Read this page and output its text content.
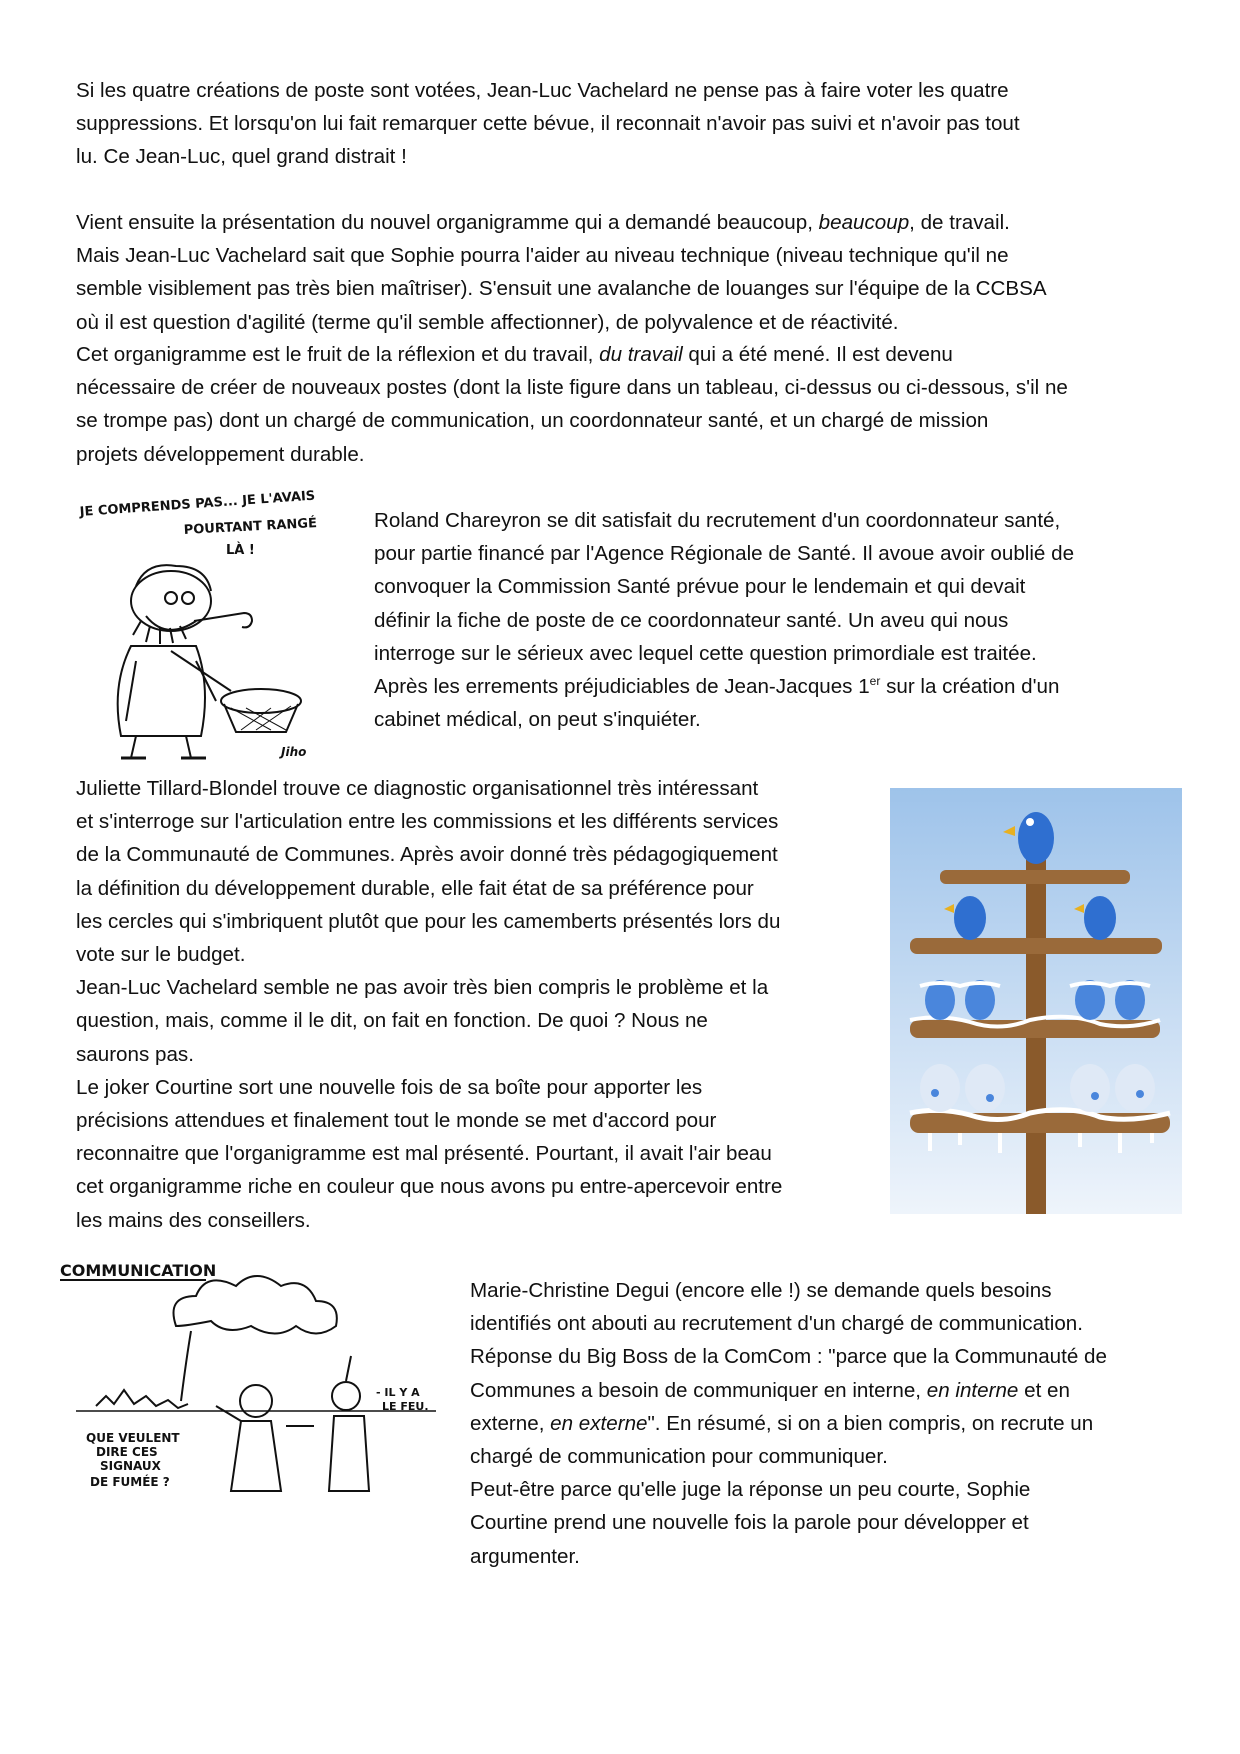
Si les quatre créations de poste sont votées, Jean-Luc Vachelard ne pense pas à faire voter les quatre
suppressions. Et lorsqu'on lui fait remarquer cette bévue, il reconnait n'avoir pas suivi et n'avoir pas tout
lu. Ce Jean-Luc, quel grand distrait !
Vient ensuite la présentation du nouvel organigramme qui a demandé beaucoup, beaucoup, de travail.
Mais Jean-Luc Vachelard sait que Sophie pourra l'aider au niveau technique (niveau technique qu'il ne
semble visiblement pas très bien maîtriser). S'ensuit une avalanche de louanges sur l'équipe de la CCBSA
où il est question d'agilité (terme qu'il semble affectionner), de polyvalence et de réactivité.
Cet organigramme est le fruit de la réflexion et du travail, du travail qui a été mené. Il est devenu
nécessaire de créer de nouveaux postes (dont la liste figure dans un tableau, ci-dessus ou ci-dessous, s'il ne
se trompe pas) dont un chargé de communication, un coordonnateur santé, et un chargé de mission
projets développement durable.
JE COMPRENDS PAS... JE L'AVAIS
POURTANT RANGÉ
LÀ !
Jiho
Roland Chareyron se dit satisfait du recrutement d'un coordonnateur santé,
pour partie financé par l'Agence Régionale de Santé. Il avoue avoir oublié de
convoquer la Commission Santé prévue pour le lendemain et qui devait
définir la fiche de poste de ce coordonnateur santé. Un aveu qui nous
interroge sur le sérieux avec lequel cette question primordiale est traitée.
Après les errements préjudiciables de Jean-Jacques 1er sur la création d'un
cabinet médical, on peut s'inquiéter.
Juliette Tillard-Blondel trouve ce diagnostic organisationnel très intéressant
et s'interroge sur l'articulation entre les commissions et les différents services
de la Communauté de Communes. Après avoir donné très pédagogiquement
la définition du développement durable, elle fait état de sa préférence pour
les cercles qui s'imbriquent plutôt que pour les camemberts présentés lors du
vote sur le budget.
Jean-Luc Vachelard semble ne pas avoir très bien compris le problème et la
question, mais, comme il le dit, on fait en fonction. De quoi ? Nous ne
saurons pas.
Le joker Courtine sort une nouvelle fois de sa boîte pour apporter les
précisions attendues et finalement tout le monde se met d'accord pour
reconnaitre que l'organigramme est mal présenté. Pourtant, il avait l'air beau
cet organigramme riche en couleur que nous avons pu entre-apercevoir entre
les mains des conseillers.
COMMUNICATION
QUE VEULENT
DIRE CES
SIGNAUX
DE FUMÉE ?
- IL Y A
LE FEU.
Marie-Christine Degui (encore elle !) se demande quels besoins
identifiés ont abouti au recrutement d'un chargé de communication.
Réponse du Big Boss de la ComCom : "parce que la Communauté de
Communes a besoin de communiquer en interne, en interne et en
externe, en externe". En résumé, si on a bien compris, on recrute un
chargé de communication pour communiquer.
Peut-être parce qu'elle juge la réponse un peu courte, Sophie
Courtine prend une nouvelle fois la parole pour développer et
argumenter.
